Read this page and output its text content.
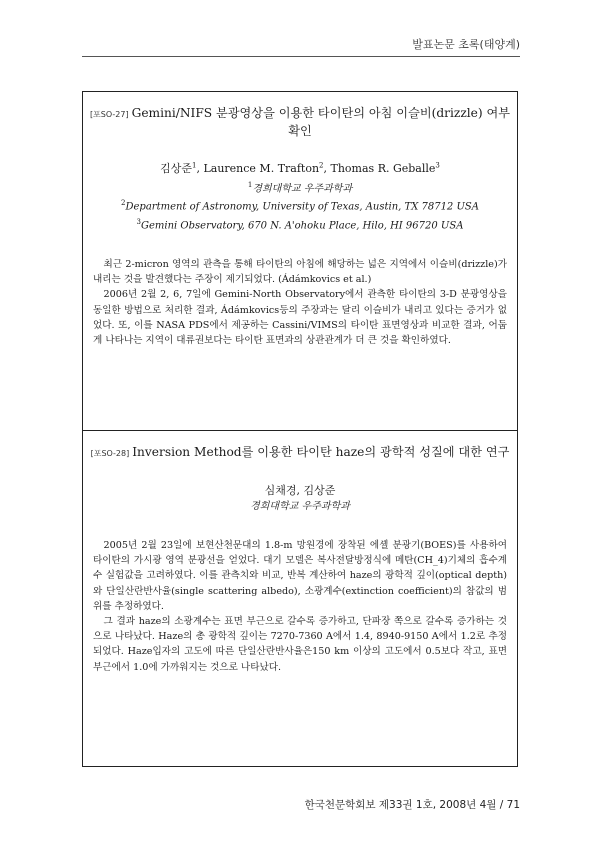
발표논문 초록(태양계)
[포SO-27] Gemini/NIFS 분광영상을 이용한 타이탄의 아침 이슬비(drizzle) 여부 확인
김상준$^1$, Laurence M. Trafton$^2$, Thomas R. Geballe$^3$
$^1$경희대학교 우주과학과
$^2$Department of Astronomy, University of Texas, Austin, TX 78712 USA
$^3$Gemini Observatory, 670 N. A'ohoku Place, Hilo, HI 96720 USA

최근 2-micron 영역의 관측을 통해 타이탄의 아침에 해당하는 넓은 지역에서 이슬비(drizzle)가 내리는 것을 발견했다는 주장이 제기되었다. (Ádámkovics et al.)

2006년 2월 2, 6, 7일에 Gemini-North Observatory에서 관측한 타이탄의 3-D 분광영상을 동일한 방법으로 처리한 결과, Ádámkovics등의 주장과는 달리 이슬비가 내리고 있다는 증거가 없었다. 또, 이를 NASA PDS에서 제공하는 Cassini/VIMS의 타이탄 표면영상과 비교한 결과, 어둡게 나타나는 지역이 대류권보다는 타이탄 표면과의 상관관계가 더 큰 것을 확인하였다.

[포SO-28] Inversion Method를 이용한 타이탄 haze의 광학적 성질에 대한 연구
심채경, 김상준
경희대학교 우주과학과

2005년 2월 23일에 보현산천문대의 1.8-m 망원경에 장착된 에셸 분광기(BOES)를 사용하여 타이탄의 가시광 영역 분광선을 얻었다. 대기 모델은 복사전달방정식에 메탄(CH_4)기체의 흡수계수 실험값을 고려하였다. 이를 관측치와 비교, 반복 계산하여 haze의 광학적 깊이(optical depth)와 단일산란반사율(single scattering albedo), 소광계수(extinction coefficient)의 참값의 범위를 추정하였다.

그 결과 haze의 소광계수는 표면 부근으로 갈수록 증가하고, 단파장 쪽으로 갈수록 증가하는 것으로 나타났다. Haze의 총 광학적 깊이는 7270-7360 A에서 1.4, 8940-9150 A에서 1.2로 추정되었다. Haze입자의 고도에 따른 단일산란반사율은150 km 이상의 고도에서 0.5보다 작고, 표면 부근에서 1.0에 가까워지는 것으로 나타났다.

한국천문학회보 제33권 1호, 2008년 4월 / 71
